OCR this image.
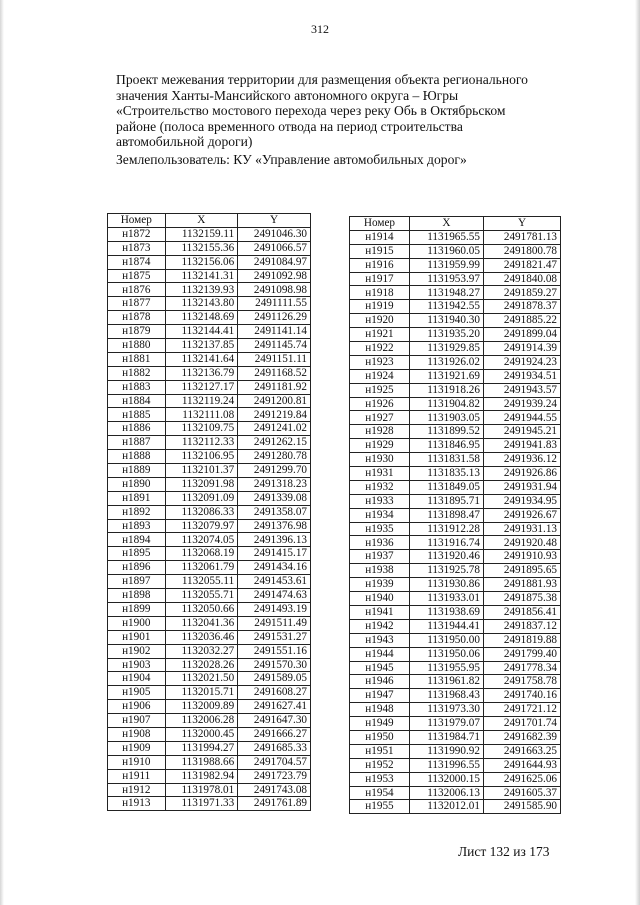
312
Проект межевания территории для размещения объекта регионального
значения Ханты-Мансийского автономного округа – Югры
«Строительство мостового перехода через реку Обь в Октябрьском
районе (полоса временного отвода на период строительства
автомобильной дороги)
Землепользователь: КУ «Управление автомобильных дорог»
Номер	X	Y
н1872	1132159.11	2491046.30
н1873	1132155.36	2491066.57
н1874	1132156.06	2491084.97
н1875	1132141.31	2491092.98
н1876	1132139.93	2491098.98
н1877	1132143.80	2491111.55
н1878	1132148.69	2491126.29
н1879	1132144.41	2491141.14
н1880	1132137.85	2491145.74
н1881	1132141.64	2491151.11
н1882	1132136.79	2491168.52
н1883	1132127.17	2491181.92
н1884	1132119.24	2491200.81
н1885	1132111.08	2491219.84
н1886	1132109.75	2491241.02
н1887	1132112.33	2491262.15
н1888	1132106.95	2491280.78
н1889	1132101.37	2491299.70
н1890	1132091.98	2491318.23
н1891	1132091.09	2491339.08
н1892	1132086.33	2491358.07
н1893	1132079.97	2491376.98
н1894	1132074.05	2491396.13
н1895	1132068.19	2491415.17
н1896	1132061.79	2491434.16
н1897	1132055.11	2491453.61
н1898	1132055.71	2491474.63
н1899	1132050.66	2491493.19
н1900	1132041.36	2491511.49
н1901	1132036.46	2491531.27
н1902	1132032.27	2491551.16
н1903	1132028.26	2491570.30
н1904	1132021.50	2491589.05
н1905	1132015.71	2491608.27
н1906	1132009.89	2491627.41
н1907	1132006.28	2491647.30
н1908	1132000.45	2491666.27
н1909	1131994.27	2491685.33
н1910	1131988.66	2491704.57
н1911	1131982.94	2491723.79
н1912	1131978.01	2491743.08
н1913	1131971.33	2491761.89
Номер	X	Y
н1914	1131965.55	2491781.13
н1915	1131960.05	2491800.78
н1916	1131959.99	2491821.47
н1917	1131953.97	2491840.08
н1918	1131948.27	2491859.27
н1919	1131942.55	2491878.37
н1920	1131940.30	2491885.22
н1921	1131935.20	2491899.04
н1922	1131929.85	2491914.39
н1923	1131926.02	2491924.23
н1924	1131921.69	2491934.51
н1925	1131918.26	2491943.57
н1926	1131904.82	2491939.24
н1927	1131903.05	2491944.55
н1928	1131899.52	2491945.21
н1929	1131846.95	2491941.83
н1930	1131831.58	2491936.12
н1931	1131835.13	2491926.86
н1932	1131849.05	2491931.94
н1933	1131895.71	2491934.95
н1934	1131898.47	2491926.67
н1935	1131912.28	2491931.13
н1936	1131916.74	2491920.48
н1937	1131920.46	2491910.93
н1938	1131925.78	2491895.65
н1939	1131930.86	2491881.93
н1940	1131933.01	2491875.38
н1941	1131938.69	2491856.41
н1942	1131944.41	2491837.12
н1943	1131950.00	2491819.88
н1944	1131950.06	2491799.40
н1945	1131955.95	2491778.34
н1946	1131961.82	2491758.78
н1947	1131968.43	2491740.16
н1948	1131973.30	2491721.12
н1949	1131979.07	2491701.74
н1950	1131984.71	2491682.39
н1951	1131990.92	2491663.25
н1952	1131996.55	2491644.93
н1953	1132000.15	2491625.06
н1954	1132006.13	2491605.37
н1955	1132012.01	2491585.90
Лист 132 из 173
